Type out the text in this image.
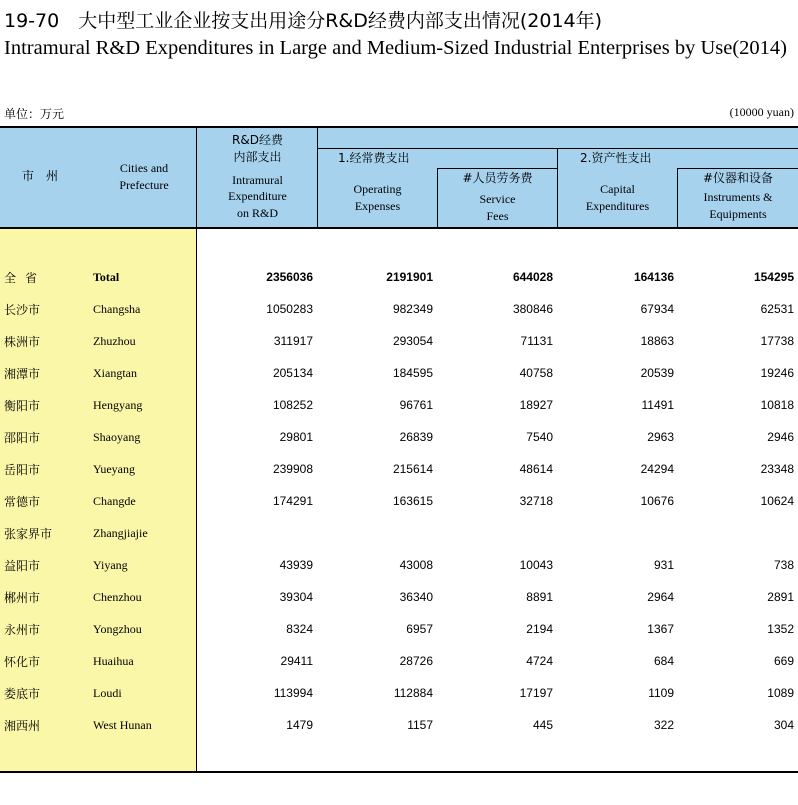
19-70　大中型工业企业按支出用途分R&D经费内部支出情况(2014年)
Intramural R&D Expenditures in Large and Medium-Sized Industrial Enterprises by Use(2014)
单位：万元	(10000 yuan)
市　州
Cities and
Prefecture
R&D经费
内部支出
Intramural
Expenditure
on R&D
1.经常费支出
Operating
Expenses
#人员劳务费
Service
Fees
2.资产性支出
Capital
Expenditures
#仪器和设备
Instruments &
Equipments
全省	Total	2356036	2191901	644028	164136	154295
长沙市	Changsha	1050283	982349	380846	67934	62531
株洲市	Zhuzhou	311917	293054	71131	18863	17738
湘潭市	Xiangtan	205134	184595	40758	20539	19246
衡阳市	Hengyang	108252	96761	18927	11491	10818
邵阳市	Shaoyang	29801	26839	7540	2963	2946
岳阳市	Yueyang	239908	215614	48614	24294	23348
常德市	Changde	174291	163615	32718	10676	10624
张家界市	Zhangjiajie
益阳市	Yiyang	43939	43008	10043	931	738
郴州市	Chenzhou	39304	36340	8891	2964	2891
永州市	Yongzhou	8324	6957	2194	1367	1352
怀化市	Huaihua	29411	28726	4724	684	669
娄底市	Loudi	113994	112884	17197	1109	1089
湘西州	West Hunan	1479	1157	445	322	304
